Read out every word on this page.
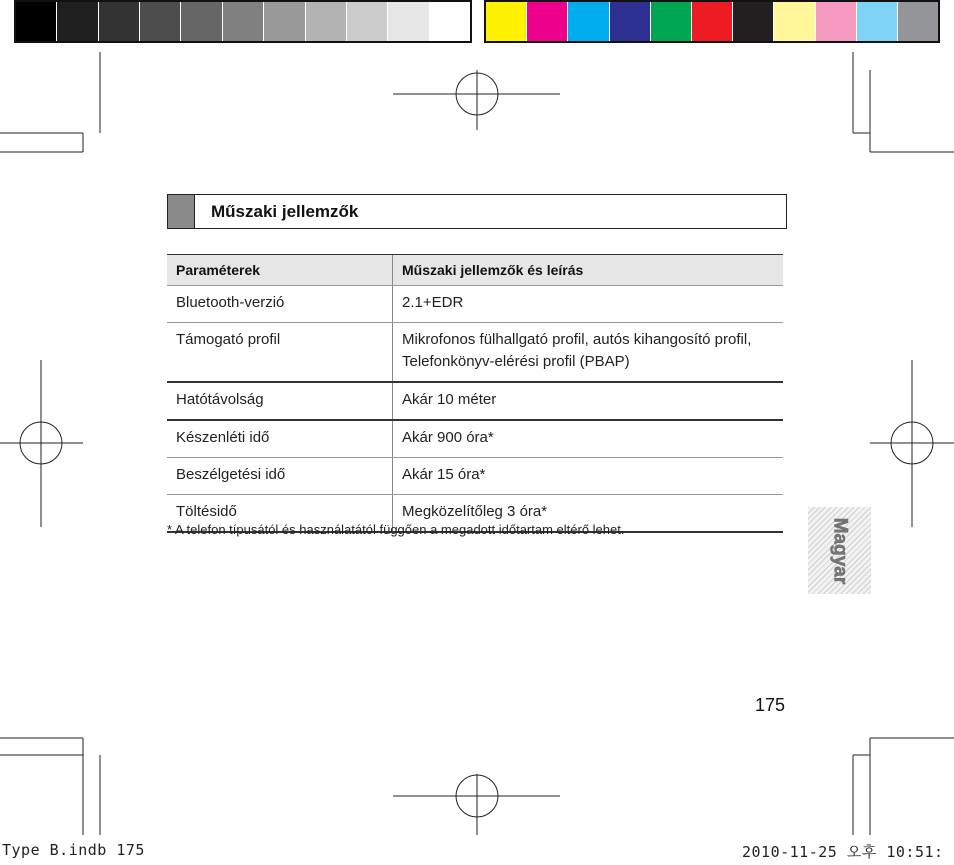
Műszaki jellemzők
Paraméterek	Műszaki jellemzők és leírás
Bluetooth-verzió	2.1+EDR
Támogató profil	Mikrofonos fülhallgató profil, autós kihangosító profil, Telefonkönyv-elérési profil (PBAP)
Hatótávolság	Akár 10 méter
Készenléti idő	Akár 900 óra*
Beszélgetési idő	Akár 15 óra*
Töltésidő	Megközelítőleg 3 óra*
* A telefon típusától és használatától függően a megadott időtartam eltérő lehet.	Magyar
175
Type B.indb 175	2010-11-25 오후 10:51:
